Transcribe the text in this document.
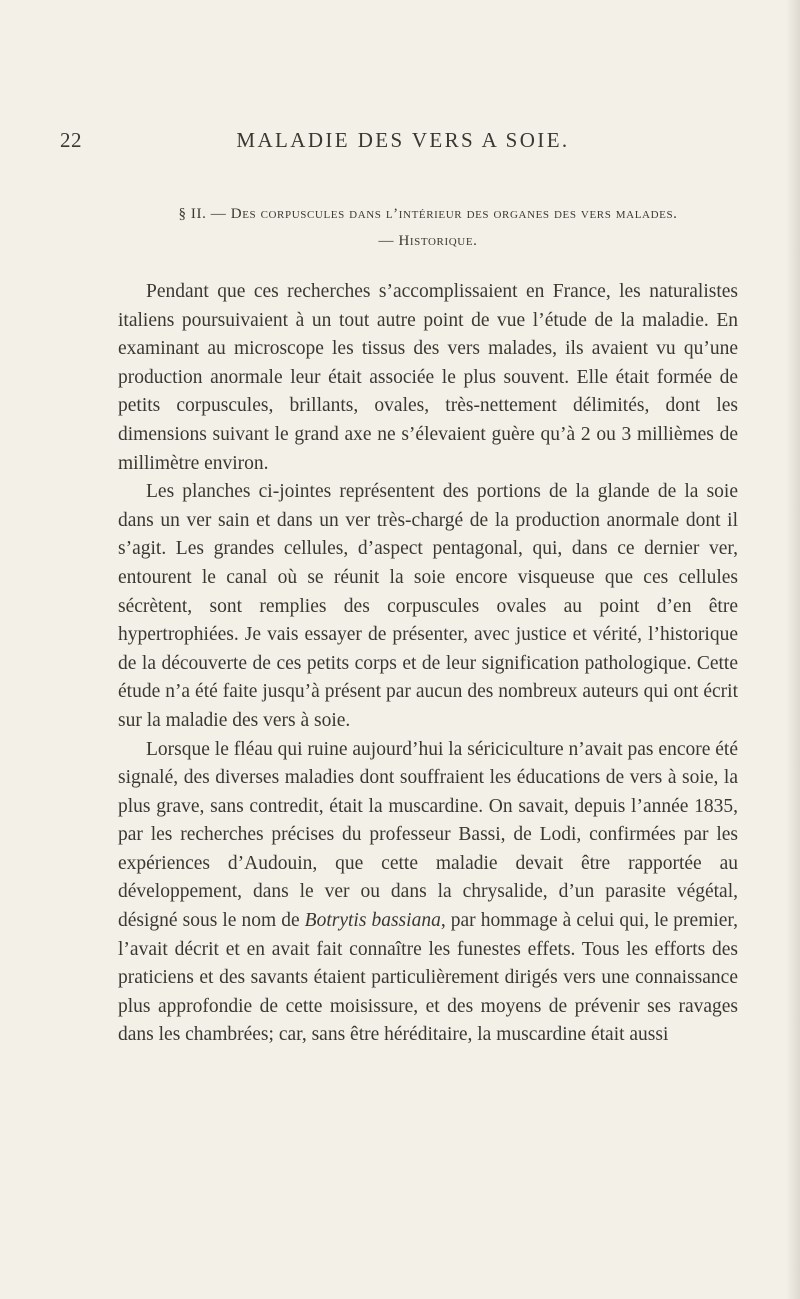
22	MALADIE DES VERS A SOIE.
§ II. — Des corpuscules dans l’intérieur des organes des vers malades.
— Historique.

Pendant que ces recherches s’accomplissaient en France, les naturalistes italiens poursuivaient à un tout autre point de vue l’étude de la maladie. En examinant au microscope les tissus des vers malades, ils avaient vu qu’une production anormale leur était associée le plus souvent. Elle était formée de petits corpuscules, brillants, ovales, très-nettement délimités, dont les dimensions suivant le grand axe ne s’élevaient guère qu’à 2 ou 3 millièmes de millimètre environ.

Les planches ci-jointes représentent des portions de la glande de la soie dans un ver sain et dans un ver très-chargé de la production anormale dont il s’agit. Les grandes cellules, d’aspect pentagonal, qui, dans ce dernier ver, entourent le canal où se réunit la soie encore visqueuse que ces cellules sécrètent, sont remplies des corpuscules ovales au point d’en être hypertrophiées. Je vais essayer de présenter, avec justice et vérité, l’historique de la découverte de ces petits corps et de leur signification pathologique. Cette étude n’a été faite jusqu’à présent par aucun des nombreux auteurs qui ont écrit sur la maladie des vers à soie.

Lorsque le fléau qui ruine aujourd’hui la sériciculture n’avait pas encore été signalé, des diverses maladies dont souffraient les éducations de vers à soie, la plus grave, sans contredit, était la muscardine. On savait, depuis l’année 1835, par les recherches précises du professeur Bassi, de Lodi, confirmées par les expériences d’Audouin, que cette maladie devait être rapportée au développement, dans le ver ou dans la chrysalide, d’un parasite végétal, désigné sous le nom de Botrytis bassiana, par hommage à celui qui, le premier, l’avait décrit et en avait fait connaître les funestes effets. Tous les efforts des praticiens et des savants étaient particulièrement dirigés vers une connaissance plus approfondie de cette moisissure, et des moyens de prévenir ses ravages dans les chambrées; car, sans être héréditaire, la muscardine était aussi
